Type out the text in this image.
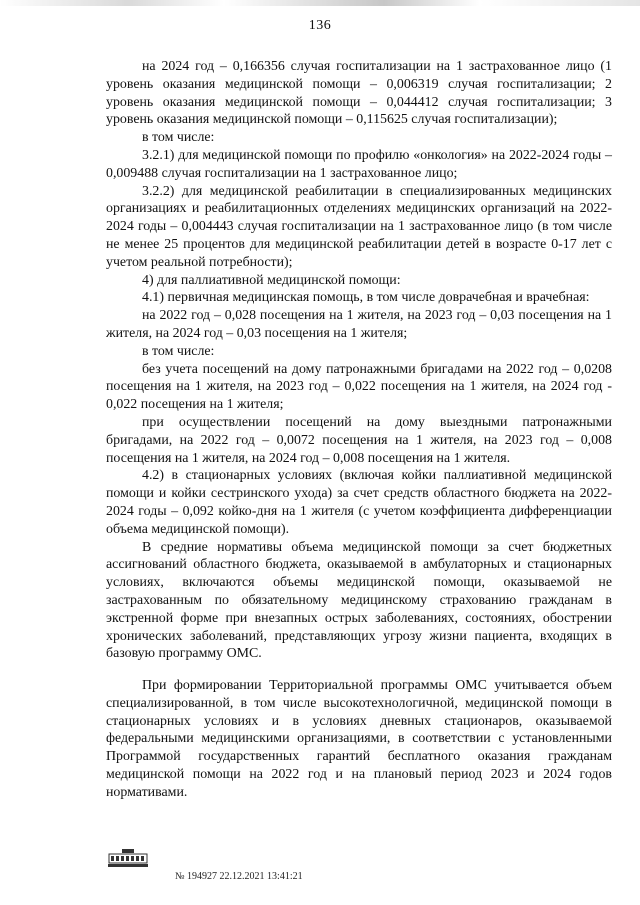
136

на 2024 год – 0,166356 случая госпитализации на 1 застрахованное лицо (1 уровень оказания медицинской помощи – 0,006319 случая госпитализации; 2 уровень оказания медицинской помощи – 0,044412 случая госпитализации; 3 уровень оказания медицинской помощи – 0,115625 случая госпитализации);

в том числе:

3.2.1) для медицинской помощи по профилю «онкология» на 2022-2024 годы – 0,009488 случая госпитализации на 1 застрахованное лицо;

3.2.2) для медицинской реабилитации в специализированных медицинских организациях и реабилитационных отделениях медицинских организаций на 2022-2024 годы – 0,004443 случая госпитализации на 1 застрахованное лицо (в том числе не менее 25 процентов для медицинской реабилитации детей в возрасте 0-17 лет с учетом реальной потребности);

4) для паллиативной медицинской помощи:

4.1) первичная медицинская помощь, в том числе доврачебная и врачебная:

на 2022 год – 0,028 посещения на 1 жителя, на 2023 год – 0,03 посещения на 1 жителя, на 2024 год – 0,03 посещения на 1 жителя;

в том числе:

без учета посещений на дому патронажными бригадами на 2022 год – 0,0208 посещения на 1 жителя, на 2023 год – 0,022 посещения на 1 жителя, на 2024 год - 0,022 посещения на 1 жителя;

при осуществлении посещений на дому выездными патронажными бригадами, на 2022 год – 0,0072 посещения на 1 жителя, на 2023 год – 0,008 посещения на 1 жителя, на 2024 год – 0,008 посещения на 1 жителя.

4.2) в стационарных условиях (включая койки паллиативной медицинской помощи и койки сестринского ухода) за счет средств областного бюджета на 2022-2024 годы – 0,092 койко-дня на 1 жителя (с учетом коэффициента дифференциации объема медицинской помощи).

В средние нормативы объема медицинской помощи за счет бюджетных ассигнований областного бюджета, оказываемой в амбулаторных и стационарных условиях, включаются объемы медицинской помощи, оказываемой не застрахованным по обязательному медицинскому страхованию гражданам в экстренной форме при внезапных острых заболеваниях, состояниях, обострении хронических заболеваний, представляющих угрозу жизни пациента, входящих в базовую программу ОМС.

При формировании Территориальной программы ОМС учитывается объем специализированной, в том числе высокотехнологичной, медицинской помощи в стационарных условиях и в условиях дневных стационаров, оказываемой федеральными медицинскими организациями, в соответствии с установленными Программой государственных гарантий бесплатного оказания гражданам медицинской помощи на 2022 год и на плановый период 2023 и 2024 годов нормативами.

№ 194927 22.12.2021 13:41:21
